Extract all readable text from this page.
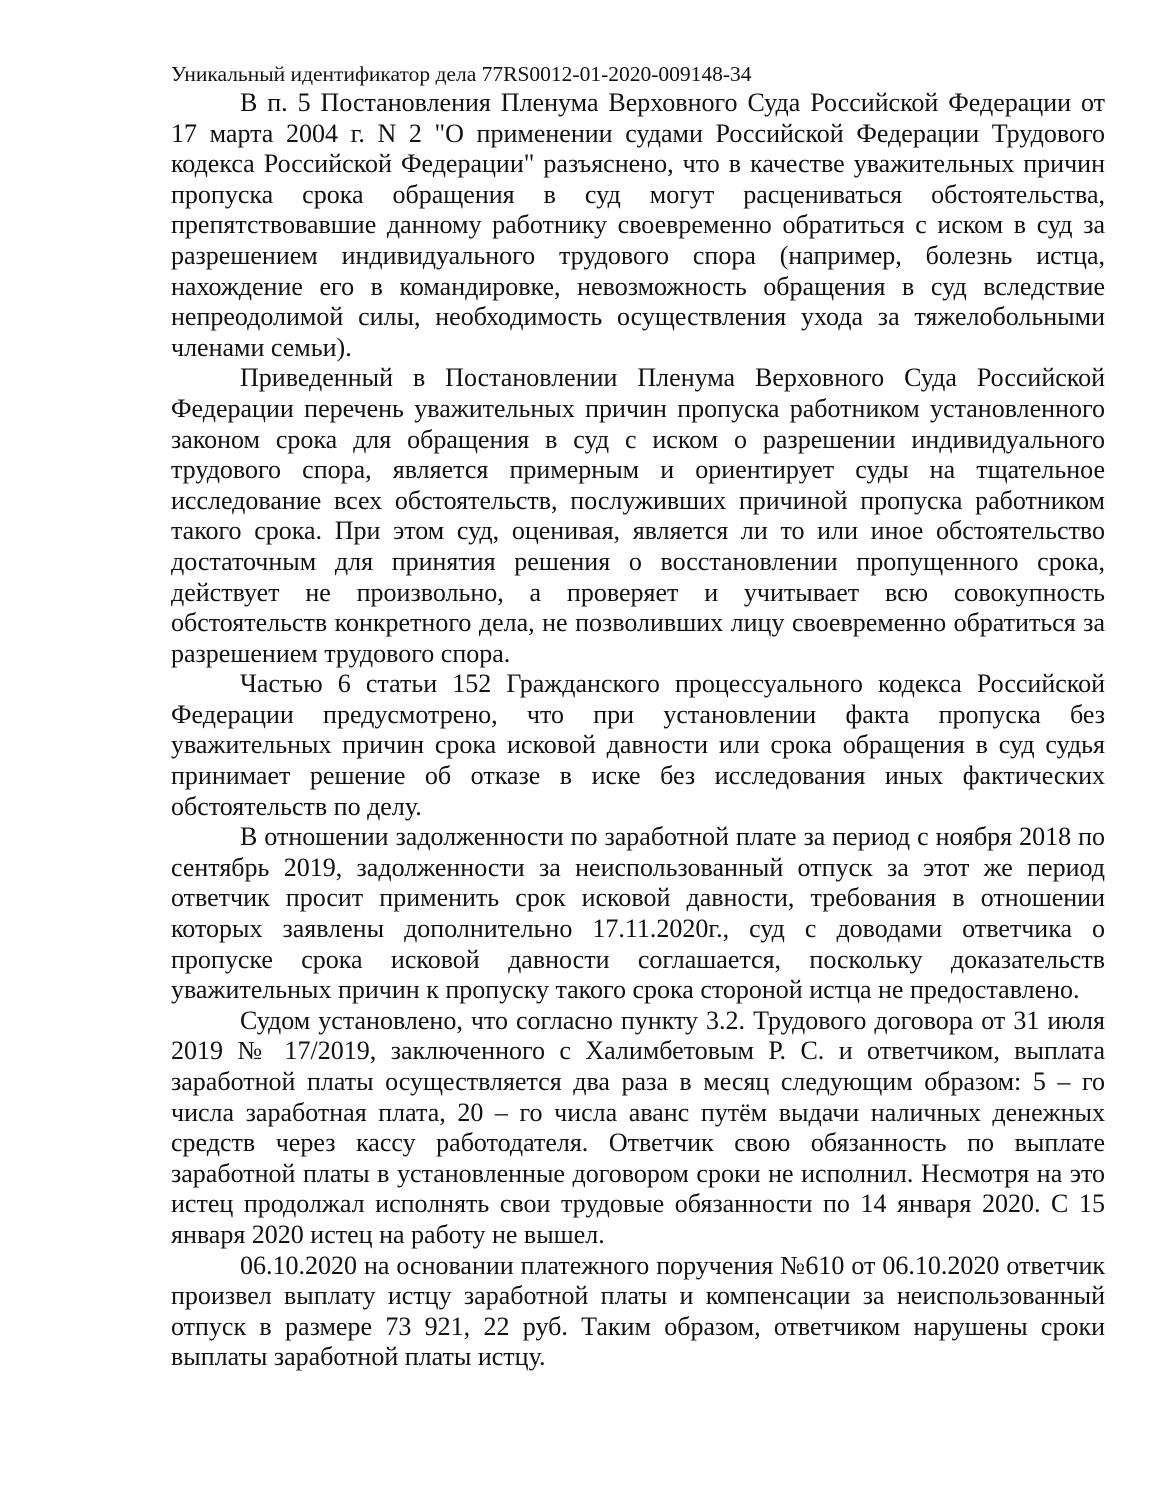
Уникальный идентификатор дела 77RS0012-01-2020-009148-34

В п. 5 Постановления Пленума Верховного Суда Российской Федерации от 17 марта 2004 г. N 2 "О применении судами Российской Федерации Трудового кодекса Российской Федерации" разъяснено, что в качестве уважительных причин пропуска срока обращения в суд могут расцениваться обстоятельства, препятствовавшие данному работнику своевременно обратиться с иском в суд за разрешением индивидуального трудового спора (например, болезнь истца, нахождение его в командировке, невозможность обращения в суд вследствие непреодолимой силы, необходимость осуществления ухода за тяжелобольными членами семьи).

Приведенный в Постановлении Пленума Верховного Суда Российской Федерации перечень уважительных причин пропуска работником установленного законом срока для обращения в суд с иском о разрешении индивидуального трудового спора, является примерным и ориентирует суды на тщательное исследование всех обстоятельств, послуживших причиной пропуска работником такого срока. При этом суд, оценивая, является ли то или иное обстоятельство достаточным для принятия решения о восстановлении пропущенного срока, действует не произвольно, а проверяет и учитывает всю совокупность обстоятельств конкретного дела, не позволивших лицу своевременно обратиться за разрешением трудового спора.

Частью 6 статьи 152 Гражданского процессуального кодекса Российской Федерации предусмотрено, что при установлении факта пропуска без уважительных причин срока исковой давности или срока обращения в суд судья принимает решение об отказе в иске без исследования иных фактических обстоятельств по делу.

В отношении задолженности по заработной плате за период с ноября 2018 по сентябрь 2019, задолженности за неиспользованный отпуск за этот же период ответчик просит применить срок исковой давности, требования в отношении которых заявлены дополнительно 17.11.2020г., суд с доводами ответчика о пропуске срока исковой давности соглашается, поскольку доказательств уважительных причин к пропуску такого срока стороной истца не предоставлено.

Судом установлено, что согласно пункту 3.2. Трудового договора от 31 июля 2019 № 17/2019, заключенного с Халимбетовым Р. С. и ответчиком, выплата заработной платы осуществляется два раза в месяц следующим образом: 5 – го числа заработная плата, 20 – го числа аванс путём выдачи наличных денежных средств через кассу работодателя. Ответчик свою обязанность по выплате заработной платы в установленные договором сроки не исполнил. Несмотря на это истец продолжал исполнять свои трудовые обязанности по 14 января 2020. С 15 января 2020 истец на работу не вышел.

06.10.2020 на основании платежного поручения №610 от 06.10.2020 ответчик произвел выплату истцу заработной платы и компенсации за неиспользованный отпуск в размере 73 921, 22 руб. Таким образом, ответчиком нарушены сроки выплаты заработной платы истцу.
